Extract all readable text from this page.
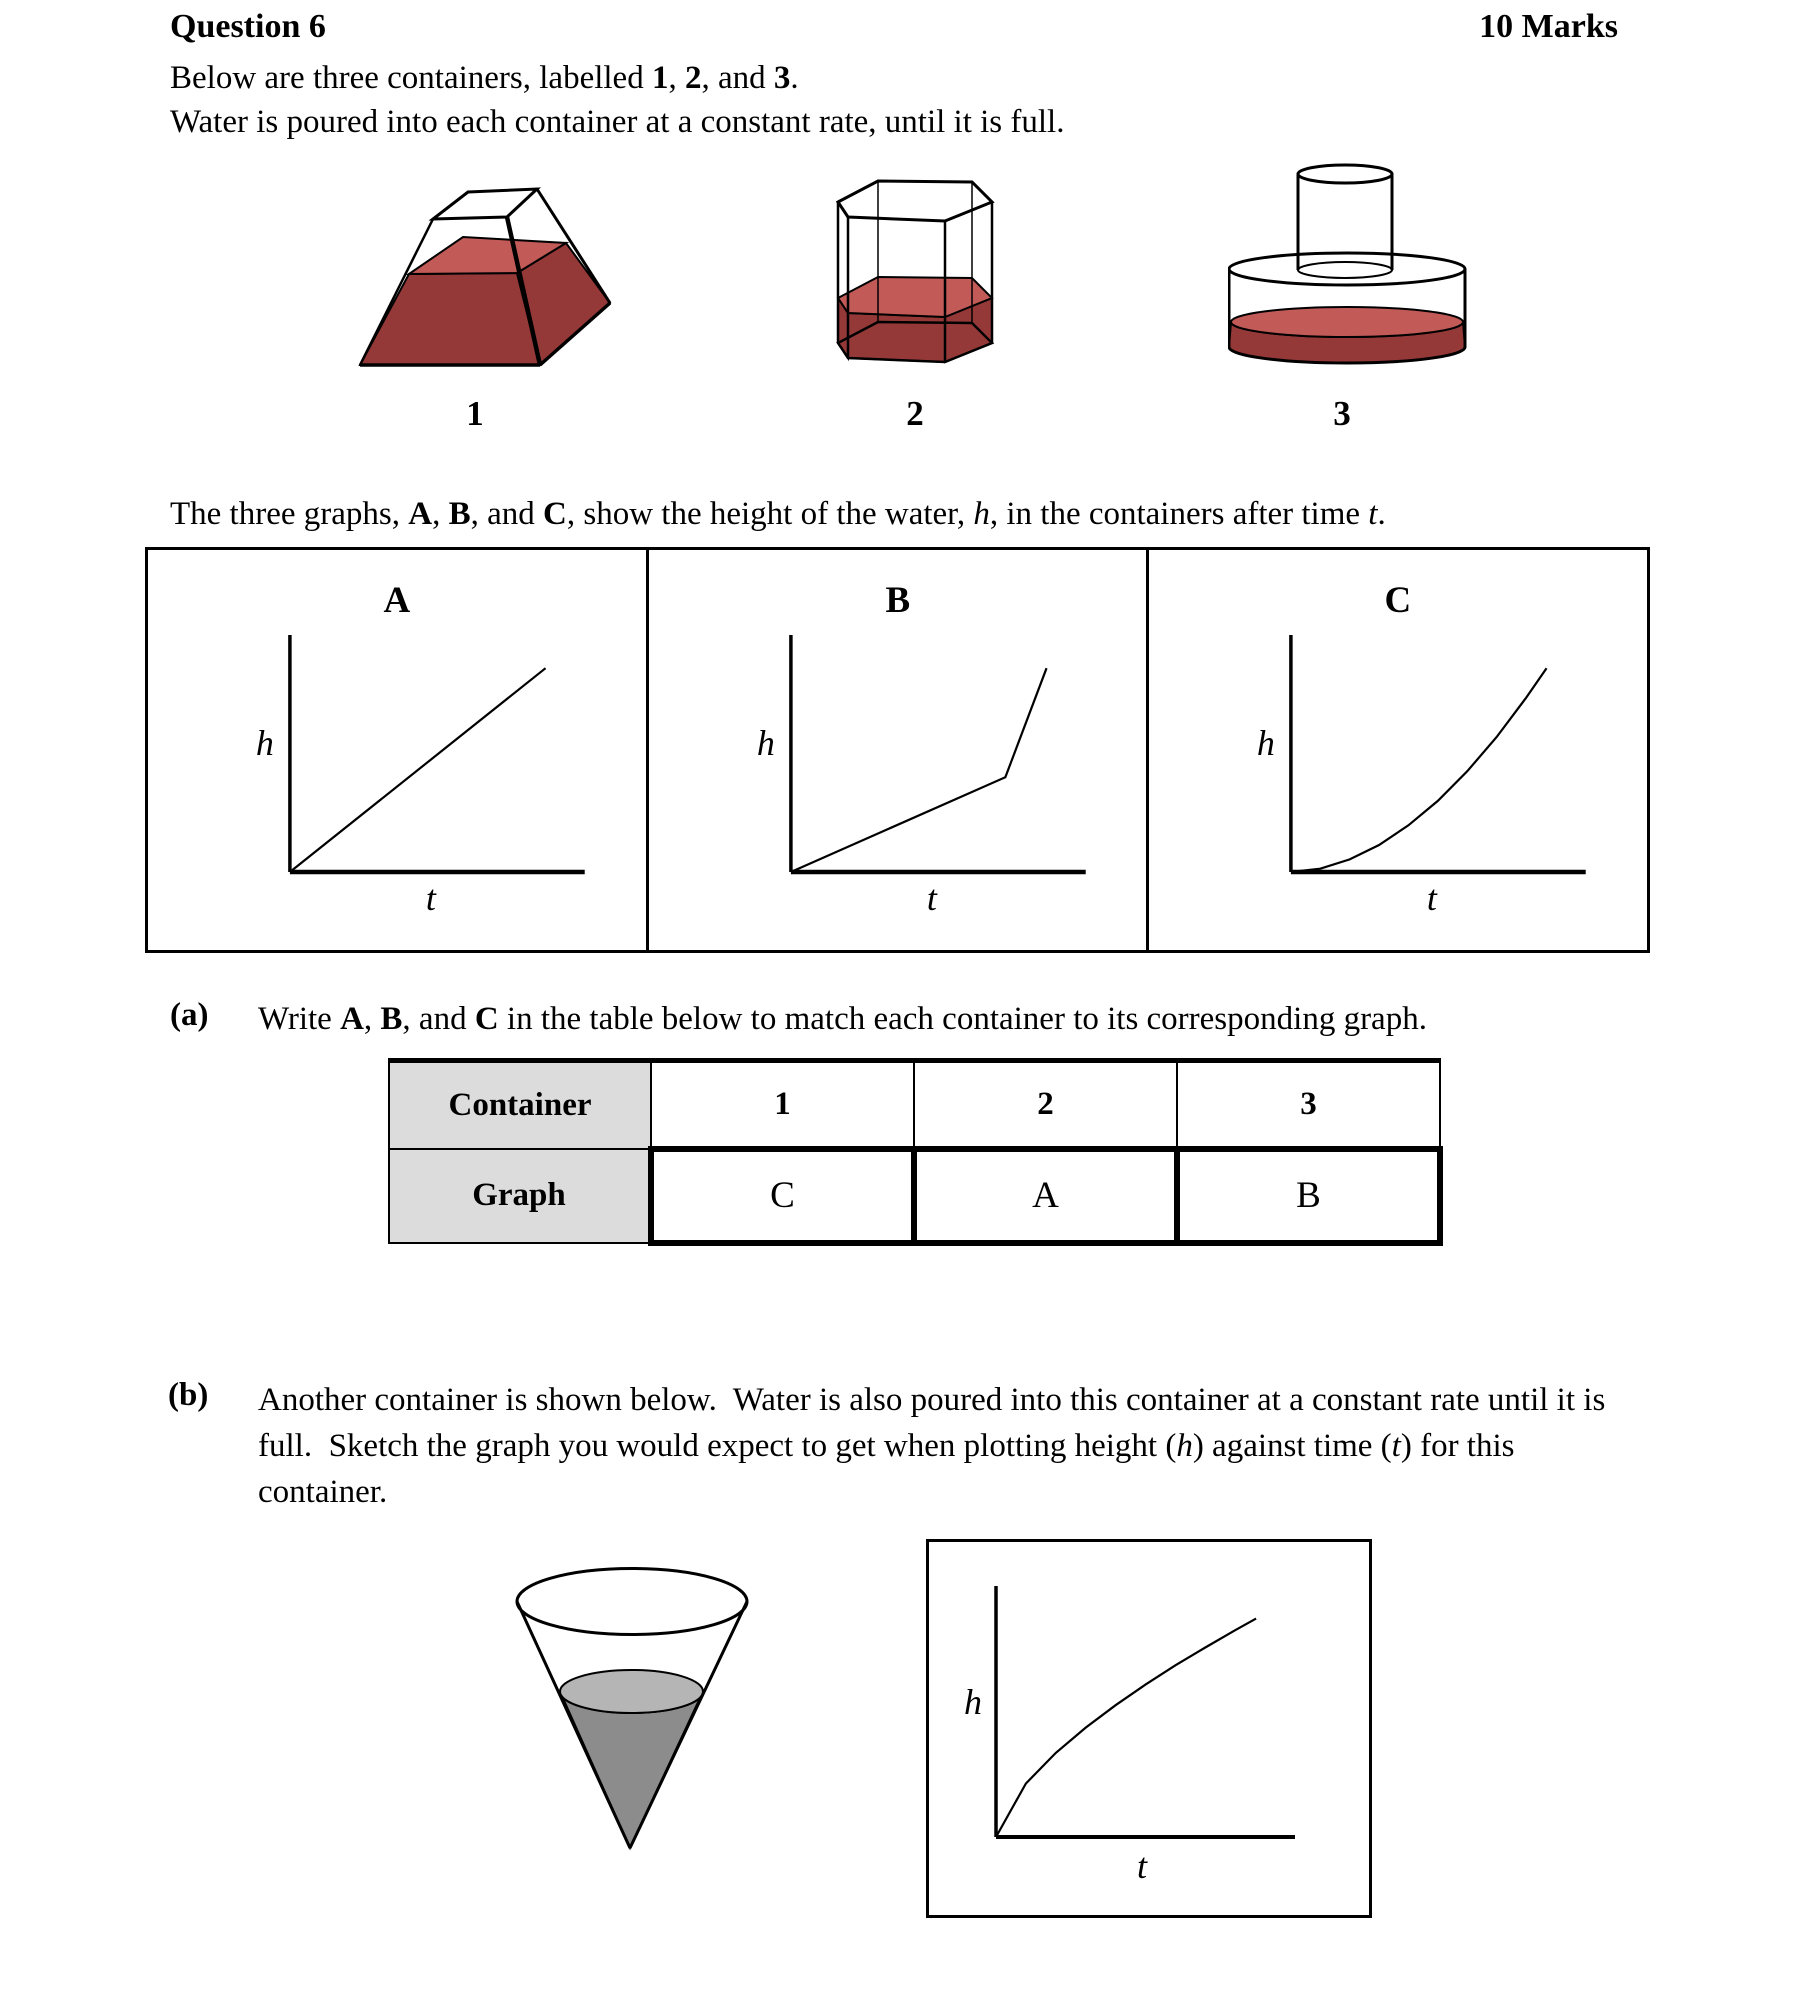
Question 6	10 Marks
Below are three containers, labelled 1, 2, and 3.
Water is poured into each container at a constant rate, until it is full.
1	2	3
The three graphs, A, B, and C, show the height of the water, h, in the containers after time t.
A
h
t
B
h
t
C
h
t
(a) Write A, B, and C in the table below to match each container to its corresponding graph.
Container	1	2	3
Graph	C	A	B
(b) Another container is shown below.  Water is also poured into this container at a constant rate until it is full.  Sketch the graph you would expect to get when plotting height (h) against time (t) for this container.
h
t
